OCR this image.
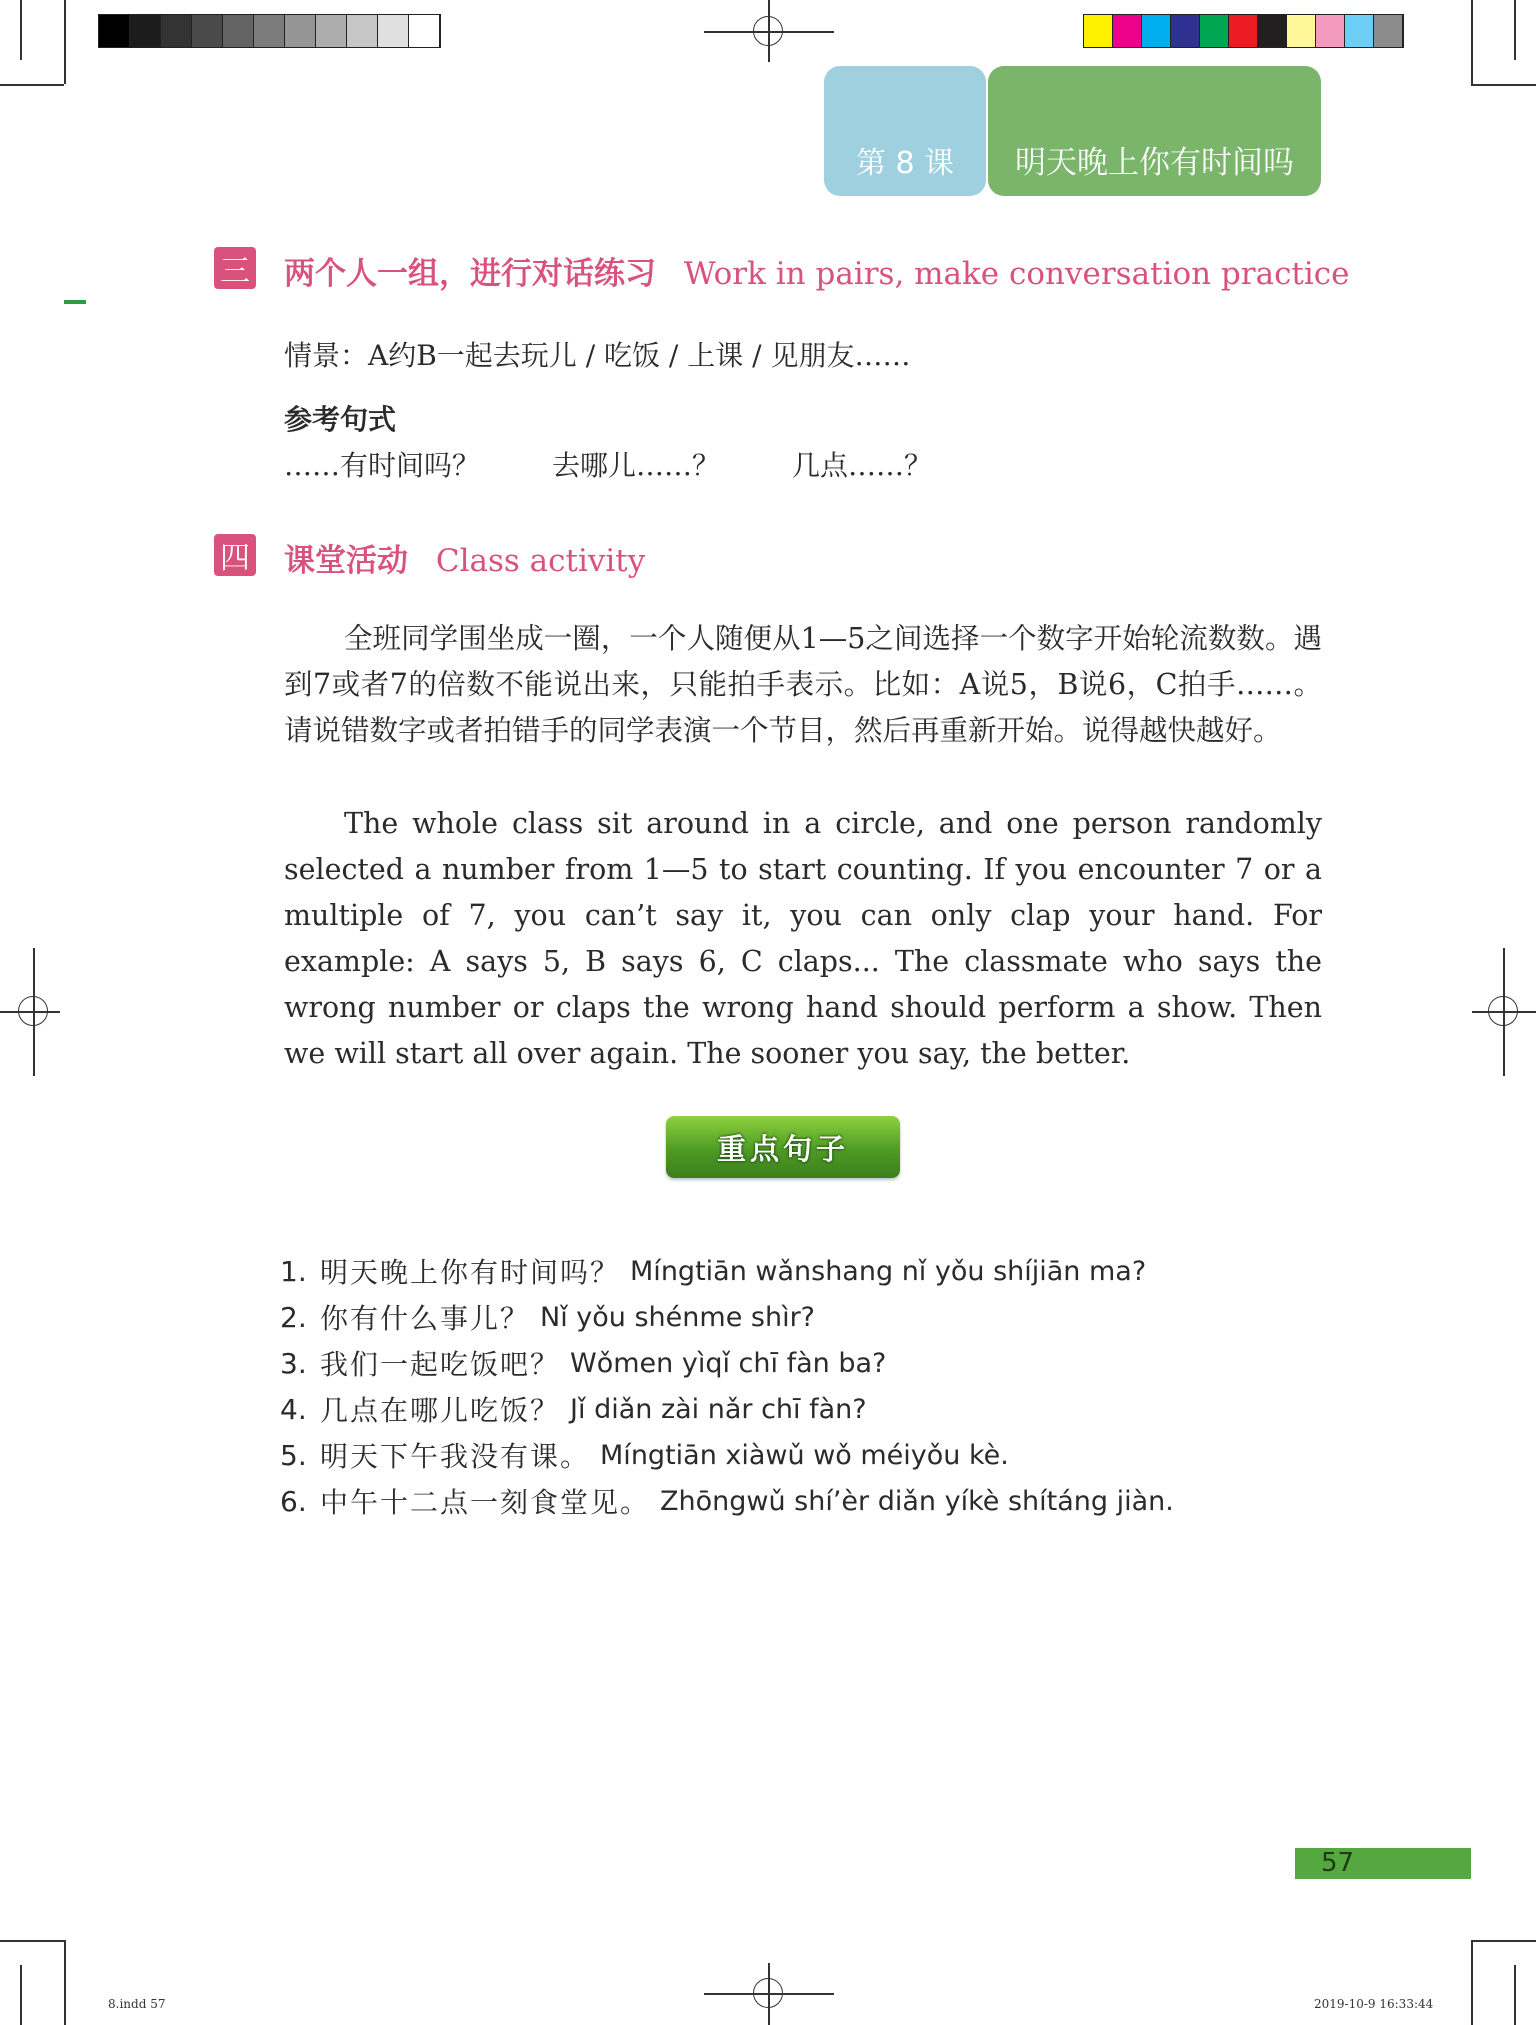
第 8 课 明天晚上你有时间吗
三 两个人一组，进行对话练习 Work in pairs, make conversation practice
情景：A约B一起去玩儿 / 吃饭 / 上课 / 见朋友……
参考句式
……有时间吗？	去哪儿……？	几点……？
四 课堂活动 Class activity

全班同学围坐成一圈，一个人随便从1—5之间选择一个数字开始轮流数数。遇到7或者7的倍数不能说出来，只能拍手表示。比如：A说5，B说6，C拍手……。请说错数字或者拍错手的同学表演一个节目，然后再重新开始。说得越快越好。

The whole class sit around in a circle, and one person randomly selected a number from 1—5 to start counting. If you encounter 7 or a multiple of 7, you can’t say it, you can only clap your hand. For example: A says 5, B says 6, C claps... The classmate who says the wrong number or claps the wrong hand should perform a show. Then we will start all over again. The sooner you say, the better.

重点句子
1. 明天晚上你有时间吗？ Míngtiān wǎnshang nǐ yǒu shíjiān ma?
2. 你有什么事儿？ Nǐ yǒu shénme shìr?
3. 我们一起吃饭吧？ Wǒmen yìqǐ chī fàn ba?
4. 几点在哪儿吃饭？ Jǐ diǎn zài nǎr chī fàn?
5. 明天下午我没有课。 Míngtiān xiàwǔ wǒ méiyǒu kè.
6. 中午十二点一刻食堂见。 Zhōngwǔ shí’èr diǎn yíkè shítáng jiàn.
57
8.indd 57	2019-10-9 16:33:44
